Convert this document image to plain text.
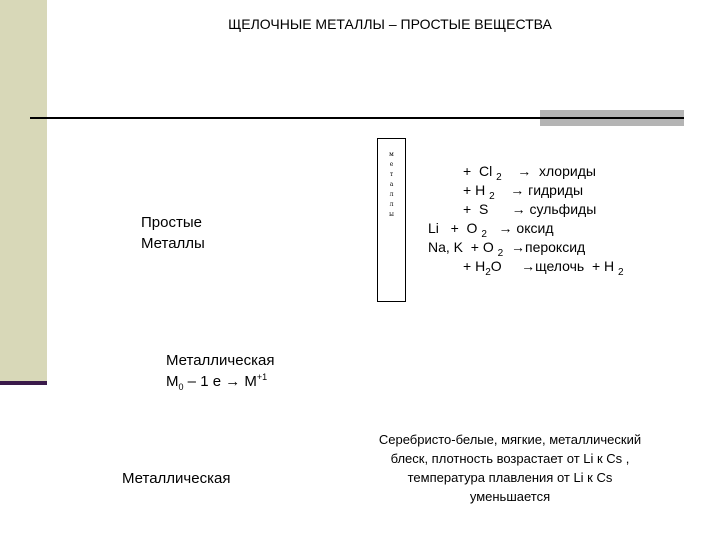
ЩЕЛОЧНЫЕ МЕТАЛЛЫ – ПРОСТЫЕ ВЕЩЕСТВА
м
е
т
а
л
л
ы
Простые
Металлы
+  Cl $_2$    →  хлориды
+ H $_2$    → гидриды
+  S      → сульфиды
Li   +  O $_2$   → оксид
Na, K  + O $_2$  →пероксид
+ $H_2O$     →щелочь  + H $_2$
Металлическая
$М_0 - 1$ $е \to М^{+1}$
Металлическая
Серебристо-белые, мягкие, металлический
блеск, плотность возрастает от Li к Cs ,
температура плавления от Li к Cs
уменьшается
